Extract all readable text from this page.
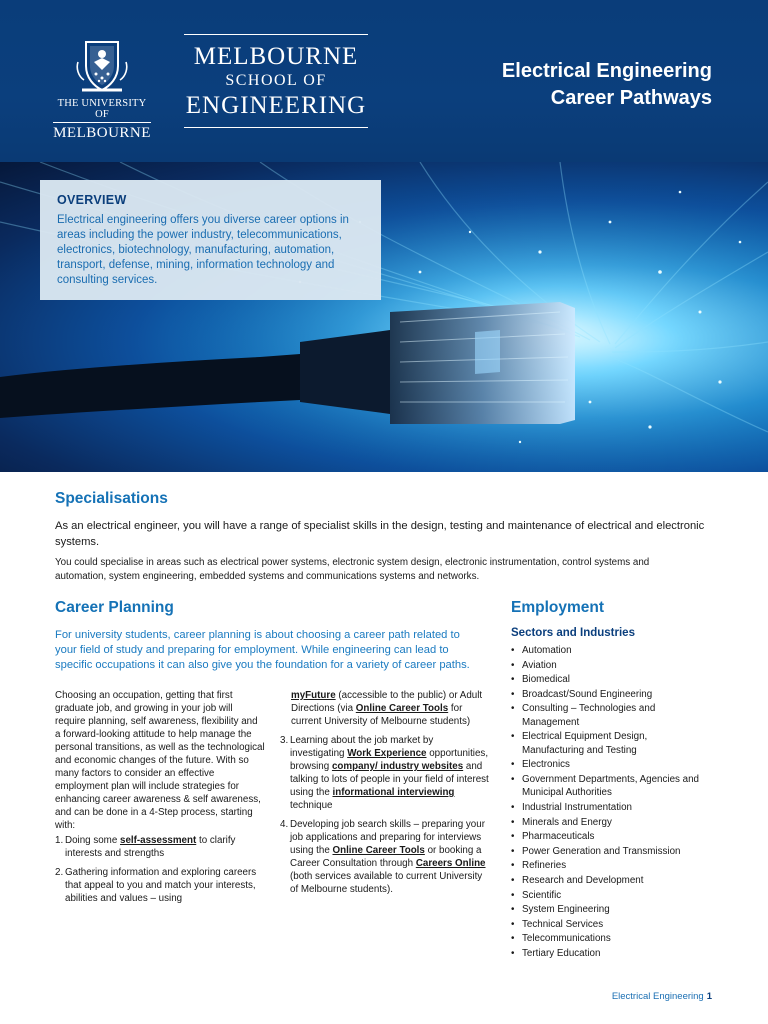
THE UNIVERSITY OF
MELBOURNE
MELBOURNE
SCHOOL OF
ENGINEERING
Electrical Engineering
Career Pathways
OVERVIEW

Electrical engineering offers you diverse career options in areas including the power industry, telecommunications, electronics, biotechnology, manufacturing, automation, transport, defense, mining, information technology and consulting services.

Specialisations

As an electrical engineer, you will have a range of specialist skills in the design, testing and maintenance of electrical and electronic systems.

You could specialise in areas such as electrical power systems, electronic system design, electronic instrumentation, control systems and automation, system engineering, embedded systems and communications systems and networks.

Career Planning

For university students, career planning is about choosing a career path related to your field of study and preparing for employment. While engineering can lead to specific occupations it can also give you the foundation for a variety of career paths.

Choosing an occupation, getting that first graduate job, and growing in your job will require planning, self awareness, flexibility and a forward-looking attitude to help manage the personal transitions, as well as the technological and economic changes of the future. With so many factors to consider an effective employment plan will include strategies for enhancing career awareness & self awareness, and can be done in a 4-Step process, starting with:

1. Doing some self-assessment to clarify interests and strengths
2. Gathering information and exploring careers that appeal to you and match your interests, abilities and values – using

myFuture (accessible to the public) or Adult Directions (via Online Career Tools for current University of Melbourne students)

3. Learning about the job market by investigating Work Experience opportunities, browsing company/ industry websites and talking to lots of people in your field of interest using the informational interviewing technique
4. Developing job search skills – preparing your job applications and preparing for interviews using the Online Career Tools or booking a Career Consultation through Careers Online (both services available to current University of Melbourne students).
Employment
Sectors and Industries
• Automation
• Aviation
• Biomedical
• Broadcast/Sound Engineering
• Consulting – Technologies and Management
• Electrical Equipment Design, Manufacturing and Testing
• Electronics
• Government Departments, Agencies and Municipal Authorities
• Industrial Instrumentation
• Minerals and Energy
• Pharmaceuticals
• Power Generation and Transmission
• Refineries
• Research and Development
• Scientific
• System Engineering
• Technical Services
• Telecommunications
• Tertiary Education
Electrical Engineering 1
